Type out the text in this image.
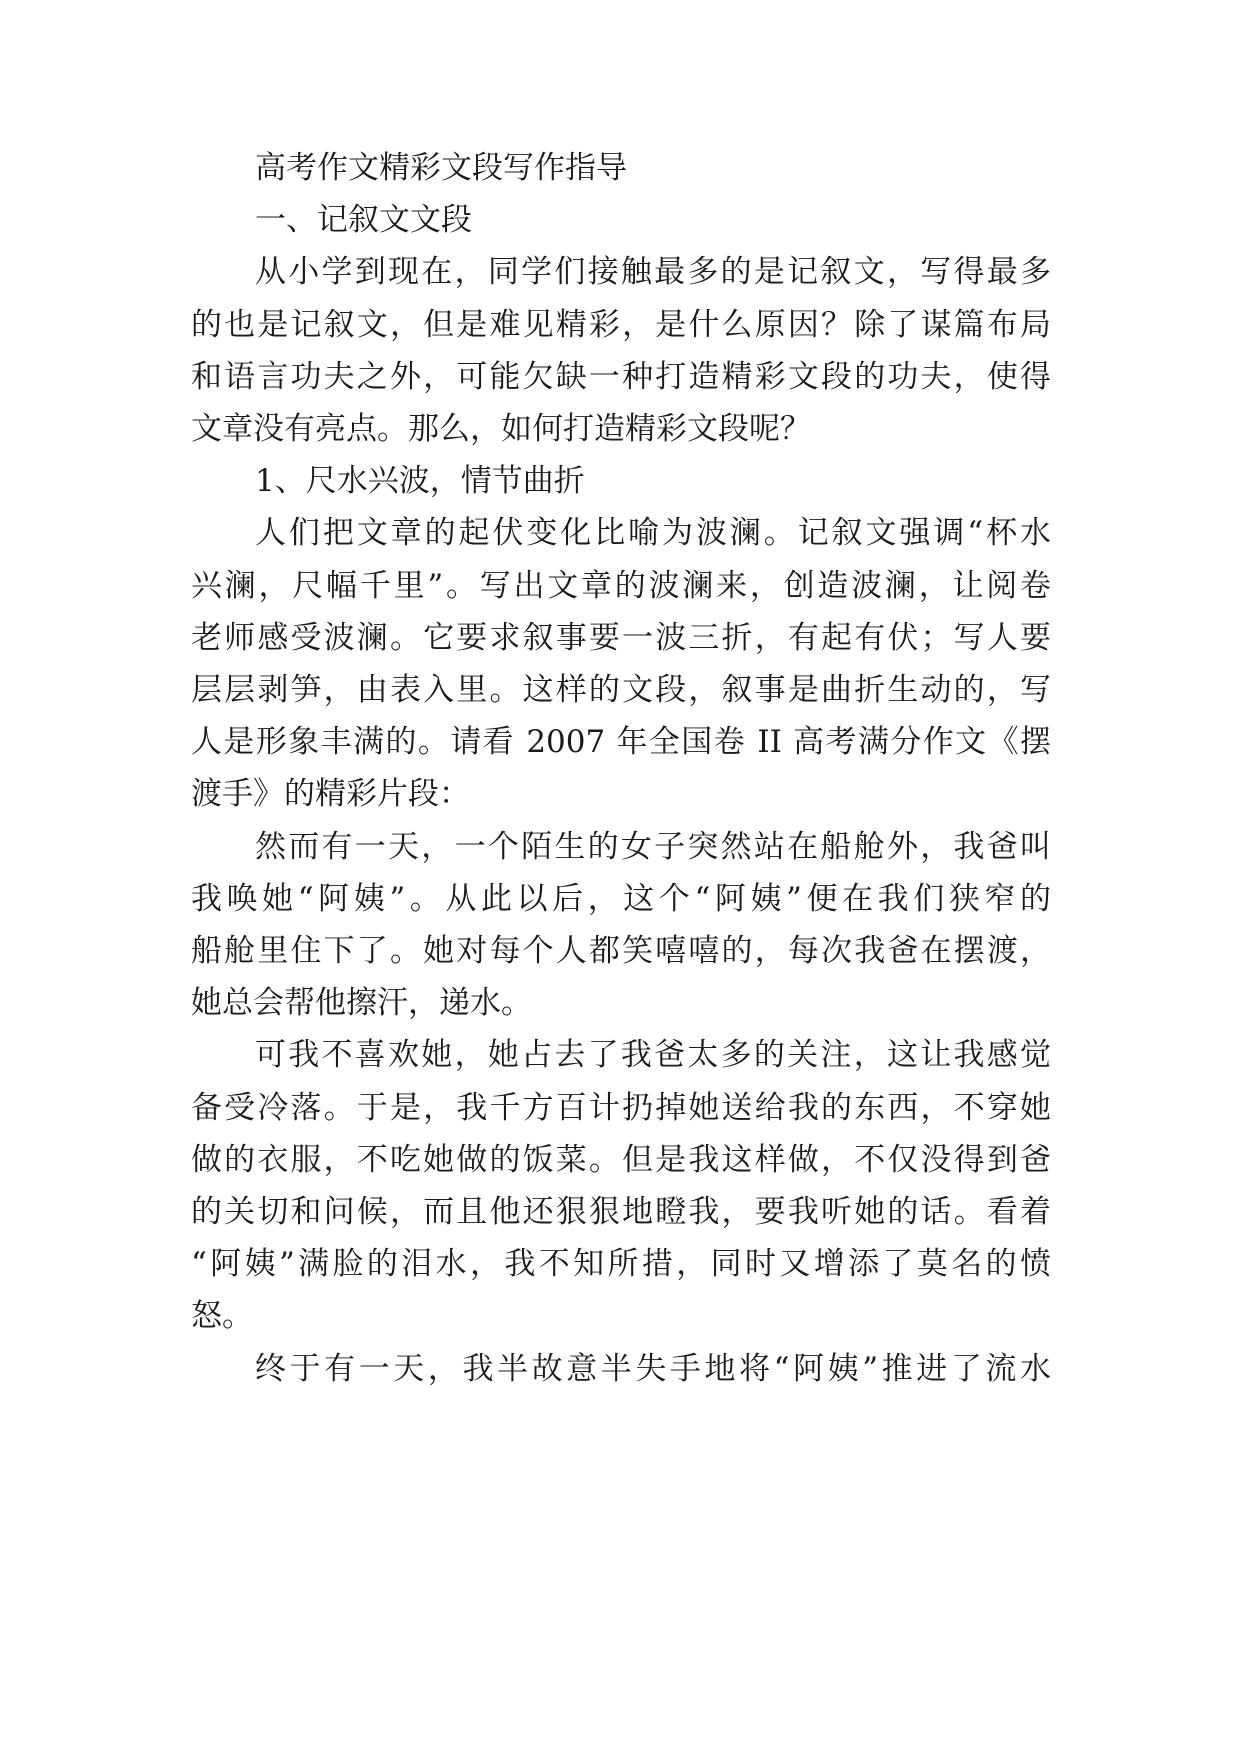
高考作文精彩文段写作指导
一、记叙文文段
从小学到现在，同学们接触最多的是记叙文，写得最多
的也是记叙文，但是难见精彩，是什么原因？除了谋篇布局
和语言功夫之外，可能欠缺一种打造精彩文段的功夫，使得
文章没有亮点。那么，如何打造精彩文段呢？
1、尺水兴波，情节曲折
人们把文章的起伏变化比喻为波澜。记叙文强调“杯水
兴澜，尺幅千里”。写出文章的波澜来，创造波澜，让阅卷
老师感受波澜。它要求叙事要一波三折，有起有伏；写人要
层层剥笋，由表入里。这样的文段，叙事是曲折生动的，写
人是形象丰满的。请看 2007 年全国卷 II 高考满分作文《摆
渡手》的精彩片段：
然而有一天，一个陌生的女子突然站在船舱外，我爸叫
我唤她“阿姨”。从此以后，这个“阿姨”便在我们狭窄的
船舱里住下了。她对每个人都笑嘻嘻的，每次我爸在摆渡，
她总会帮他擦汗，递水。
可我不喜欢她，她占去了我爸太多的关注，这让我感觉
备受冷落。于是，我千方百计扔掉她送给我的东西，不穿她
做的衣服，不吃她做的饭菜。但是我这样做，不仅没得到爸
的关切和问候，而且他还狠狠地瞪我，要我听她的话。看着
“阿姨”满脸的泪水，我不知所措，同时又增添了莫名的愤
怒。
终于有一天，我半故意半失手地将“阿姨”推进了流水
